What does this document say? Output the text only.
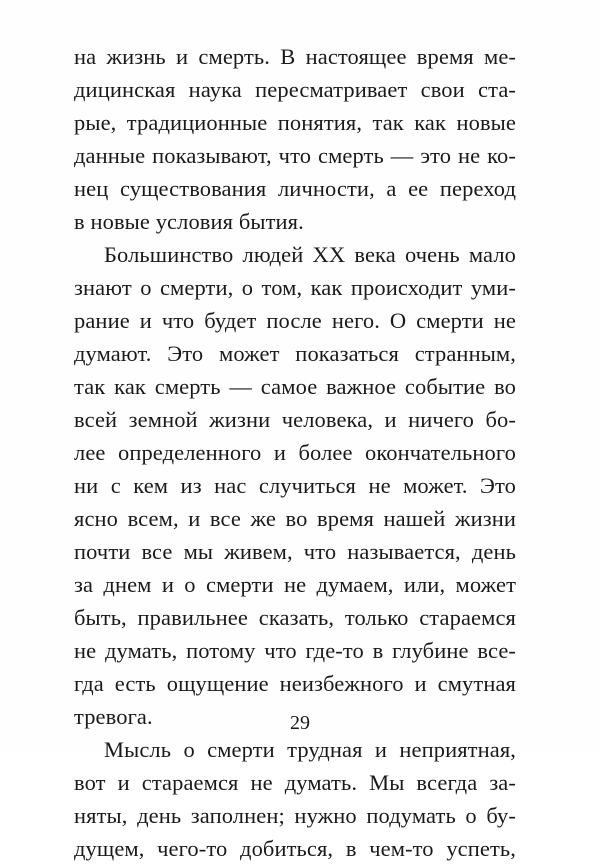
на жизнь и смерть. В настоящее время ме-
дицинская наука пересматривает свои ста-
рые, традиционные понятия, так как новые
данные показывают, что смерть — это не ко-
нец существования личности, а ее переход
в новые условия бытия.
Большинство людей XX века очень мало
знают о смерти, о том, как происходит уми-
рание и что будет после него. О смерти не
думают. Это может показаться странным,
так как смерть — самое важное событие во
всей земной жизни человека, и ничего бо-
лее определенного и более окончательного
ни с кем из нас случиться не может. Это
ясно всем, и все же во время нашей жизни
почти все мы живем, что называется, день
за днем и о смерти не думаем, или, может
быть, правильнее сказать, только стараемся
не думать, потому что где-то в глубине все-
гда есть ощущение неизбежного и смутная
тревога.
Мысль о смерти трудная и неприятная,
вот и стараемся не думать. Мы всегда за-
няты, день заполнен; нужно подумать о бу-
дущем, чего-то добиться, в чем-то успеть,
29
